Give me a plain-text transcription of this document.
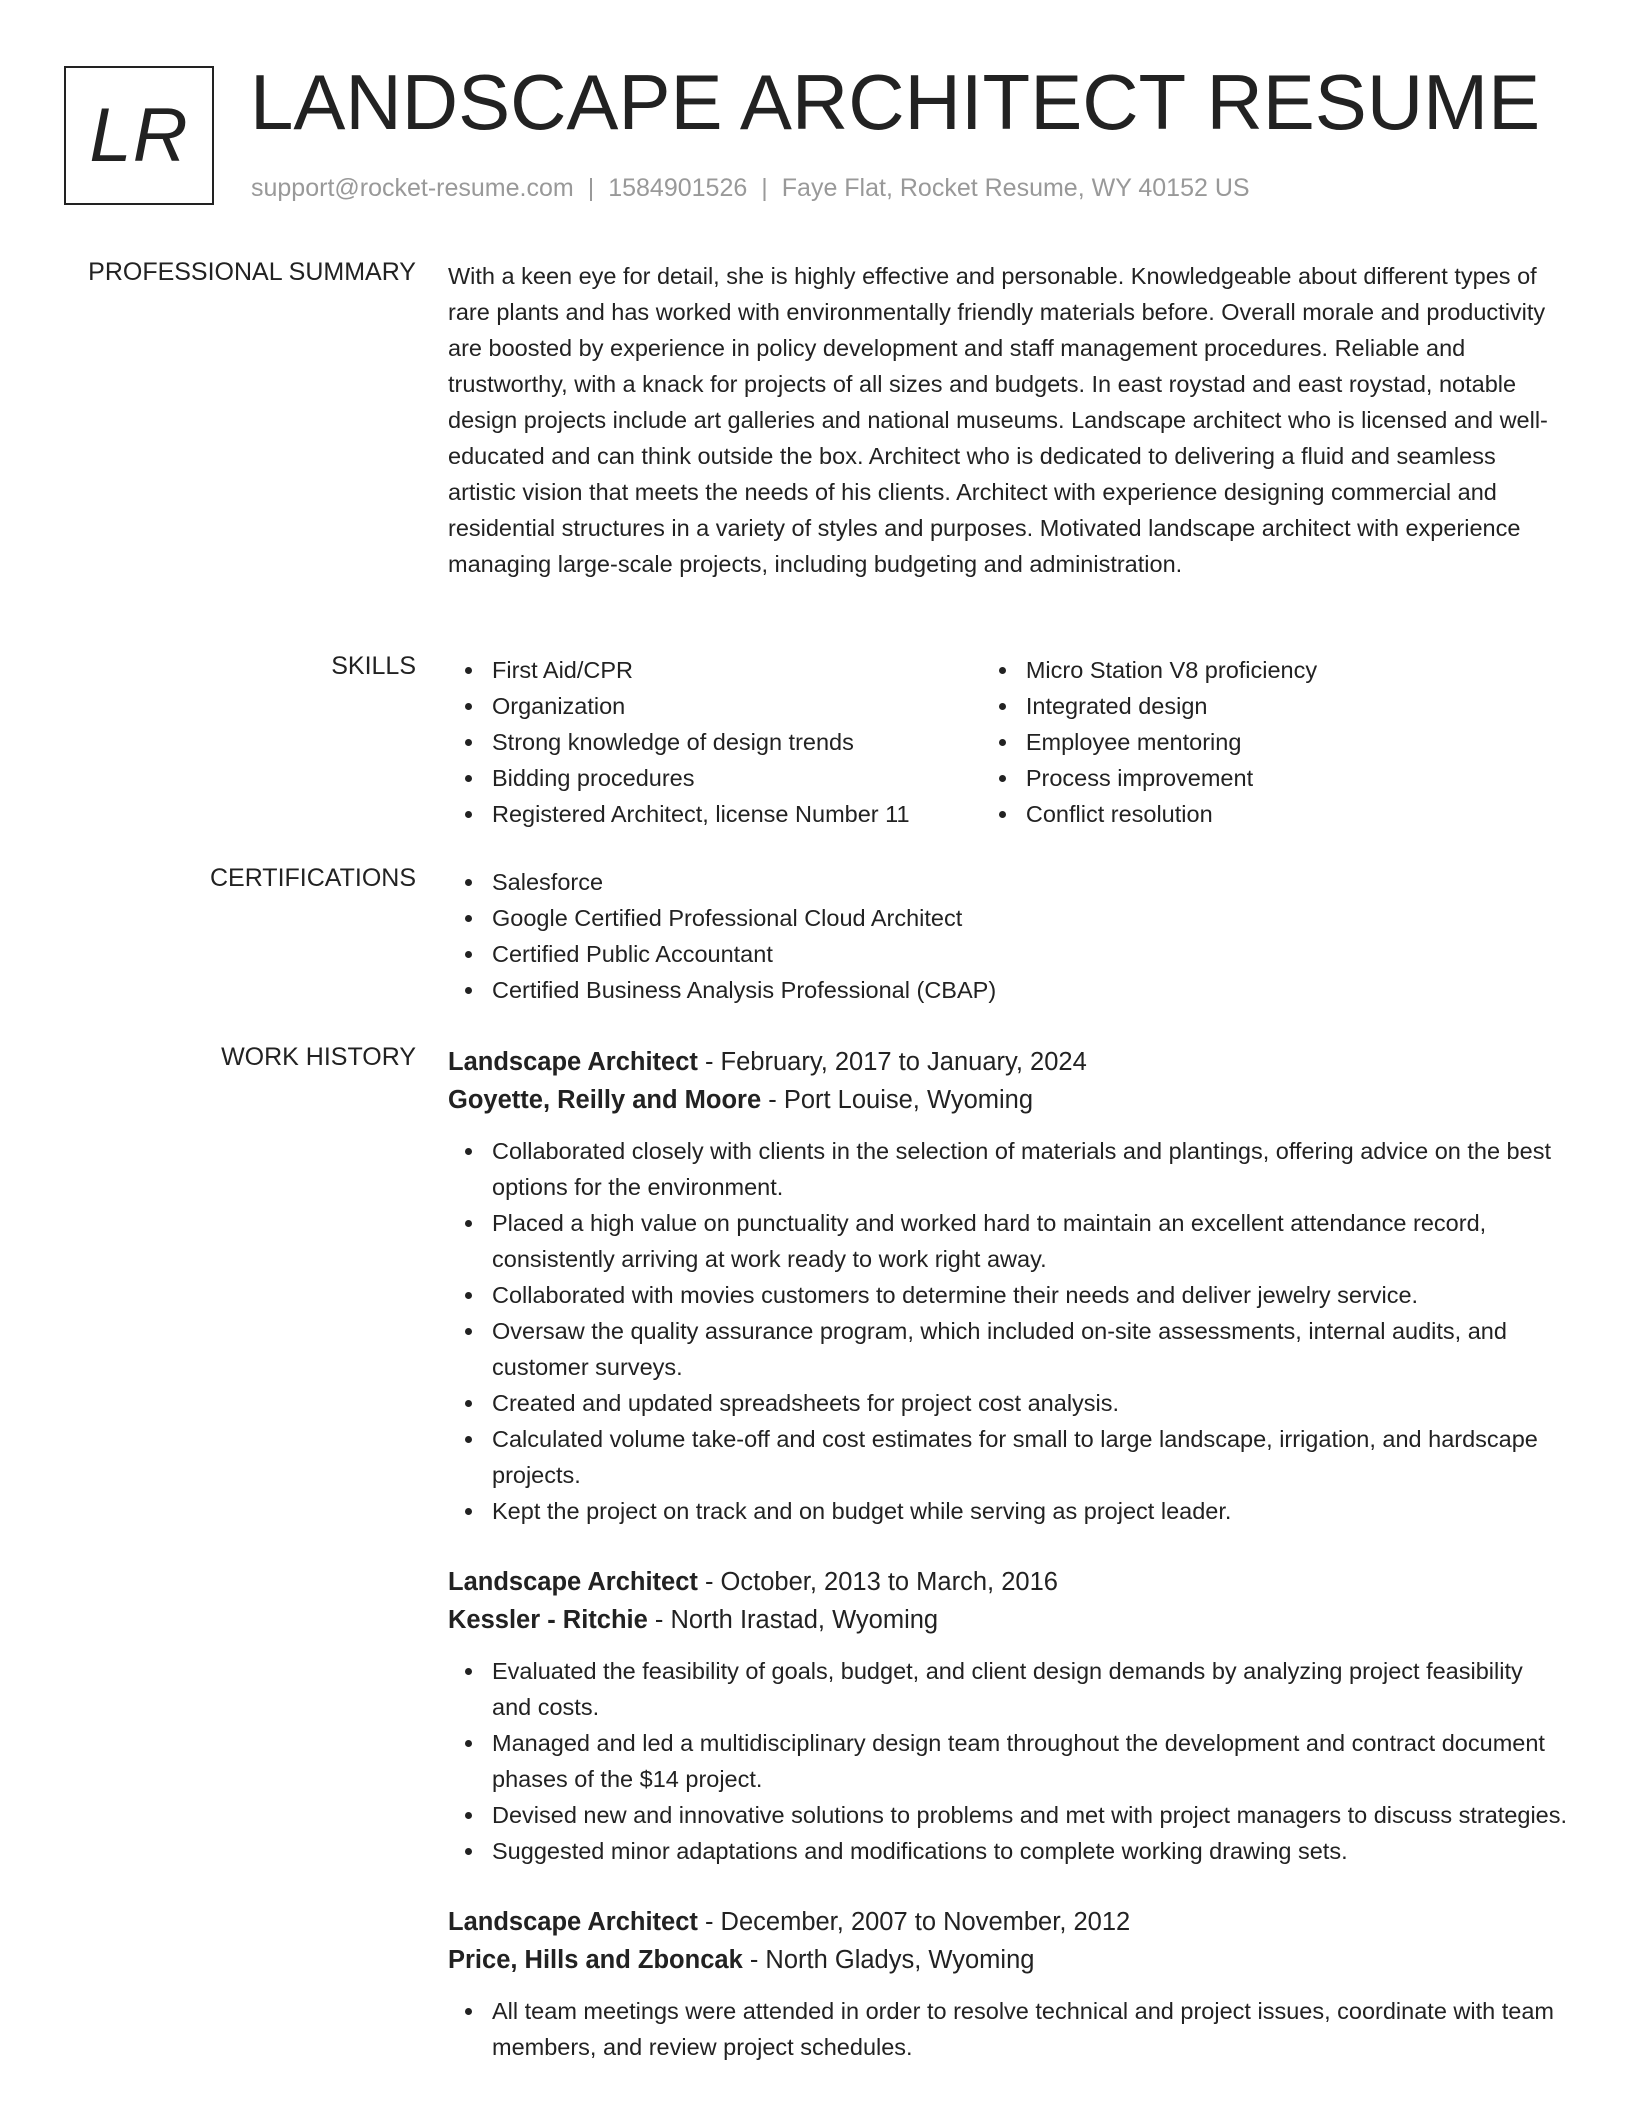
LR LANDSCAPE ARCHITECT RESUME
support@rocket-resume.com | 1584901526 | Faye Flat, Rocket Resume, WY 40152 US
PROFESSIONAL SUMMARY With a keen eye for detail, she is highly effective and personable. Knowledgeable about different types of rare plants and has worked with environmentally friendly materials before. Overall morale and productivity are boosted by experience in policy development and staff management procedures. Reliable and trustworthy, with a knack for projects of all sizes and budgets. In east roystad and east roystad, notable design projects include art galleries and national museums. Landscape architect who is licensed and well-educated and can think outside the box. Architect who is dedicated to delivering a fluid and seamless artistic vision that meets the needs of his clients. Architect with experience designing commercial and residential structures in a variety of styles and purposes. Motivated landscape architect with experience managing large-scale projects, including budgeting and administration.

SKILLS	First Aid/CPR
Organization
Strong knowledge of design trends
Bidding procedures
Registered Architect, license Number 11
Micro Station V8 proficiency
Integrated design
Employee mentoring
Process improvement
Conflict resolution
CERTIFICATIONS	Salesforce
Google Certified Professional Cloud Architect
Certified Public Accountant
Certified Business Analysis Professional (CBAP)
WORK HISTORY Landscape Architect - February, 2017 to January, 2024
Goyette, Reilly and Moore - Port Louise, Wyoming
Collaborated closely with clients in the selection of materials and plantings, offering advice on the best options for the environment.
Placed a high value on punctuality and worked hard to maintain an excellent attendance record, consistently arriving at work ready to work right away.
Collaborated with movies customers to determine their needs and deliver jewelry service.
Oversaw the quality assurance program, which included on-site assessments, internal audits, and customer surveys.
Created and updated spreadsheets for project cost analysis.
Calculated volume take-off and cost estimates for small to large landscape, irrigation, and hardscape projects.
Kept the project on track and on budget while serving as project leader.
Landscape Architect - October, 2013 to March, 2016
Kessler - Ritchie - North Irastad, Wyoming
Evaluated the feasibility of goals, budget, and client design demands by analyzing project feasibility and costs.
Managed and led a multidisciplinary design team throughout the development and contract document phases of the $14 project.
Devised new and innovative solutions to problems and met with project managers to discuss strategies.
Suggested minor adaptations and modifications to complete working drawing sets.
Landscape Architect - December, 2007 to November, 2012
Price, Hills and Zboncak - North Gladys, Wyoming
All team meetings were attended in order to resolve technical and project issues, coordinate with team members, and review project schedules.
